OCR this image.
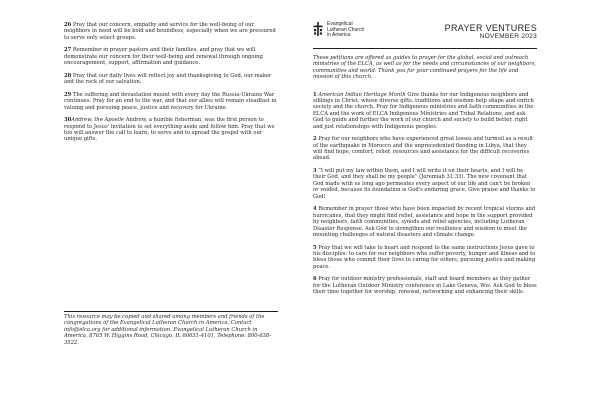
26 Pray that our concern, empathy and service for the well-being of our neighbors in need will be bold and boundless, especially when we are pressured to serve only select groups.

27 Remember in prayer pastors and their families, and pray that we will demonstrate our concern for their well-being and renewal through ongoing encouragement, support, affirmation and guidance.

28 Pray that our daily lives will reflect joy and thanksgiving to God, our maker and the rock of our salvation.

29 The suffering and devastation mount with every day the Russia-Ukraine War continues. Pray for an end to the war, and that our allies will remain steadfast in valuing and pursuing peace, justice and recovery for Ukraine.

30Andrew, the Apostle Andrew, a humble fisherman, was the first person to respond to Jesus' invitation to set everything aside and follow him. Pray that we too will answer the call to learn, to serve and to spread the gospel with our unique gifts.

This resource may be copied and shared among members and friends of the congregations of the Evangelical Lutheran Church in America. Contact info@elca.org for additional information. Evangelical Lutheran Church in America, 8765 W. Higgins Road, Chicago, IL 60631-4101, Telephone: 800-638-3522.

Evangelical
Lutheran Church
in America
PRAYER VENTURES
NOVEMBER 2023

These petitions are offered as guides to prayer for the global, social and outreach ministries of the ELCA, as well as for the needs and circumstances of our neighbors, communities and world. Thank you for your continued prayers for the life and mission of this church.

1 American Indian Heritage Month Give thanks for our Indigenous neighbors and siblings in Christ, whose diverse gifts, traditions and wisdom help shape and enrich society and the church. Pray for Indigenous ministries and faith communities in the ELCA and the work of ELCA Indigenous Ministries and Tribal Relations, and ask God to guide and further the work of our church and society to build better, right and just relationships with Indigenous peoples.

2 Pray for our neighbors who have experienced great losses and turmoil as a result of the earthquake in Morocco and the unprecedented flooding in Libya, that they will find hope, comfort, relief, resources and assistance for the difficult recoveries ahead.

3 “I will put my law within them, and I will write it on their hearts, and I will be their God, and they shall be my people” (Jeremiah 31:33). The new covenant that God made with us long ago permeates every aspect of our life and can't be broken or voided, because its foundation is God's enduring grace. Give praise and thanks to God!

4 Remember in prayer those who have been impacted by recent tropical storms and hurricanes, that they might find relief, assistance and hope in the support provided by neighbors, faith communities, synods and relief agencies, including Lutheran Disaster Response. Ask God to strengthen our resilience and wisdom to meet the mounting challenges of natural disasters and climate change.

5 Pray that we will take to heart and respond to the same instructions Jesus gave to his disciples: to care for our neighbors who suffer poverty, hunger and illness and to bless those who commit their lives to caring for others, pursuing justice and making peace.

6 Pray for outdoor ministry professionals, staff and board members as they gather for the Lutheran Outdoor Ministry conference in Lake Geneva, Wis. Ask God to bless their time together for worship, renewal, networking and enhancing their skills.
